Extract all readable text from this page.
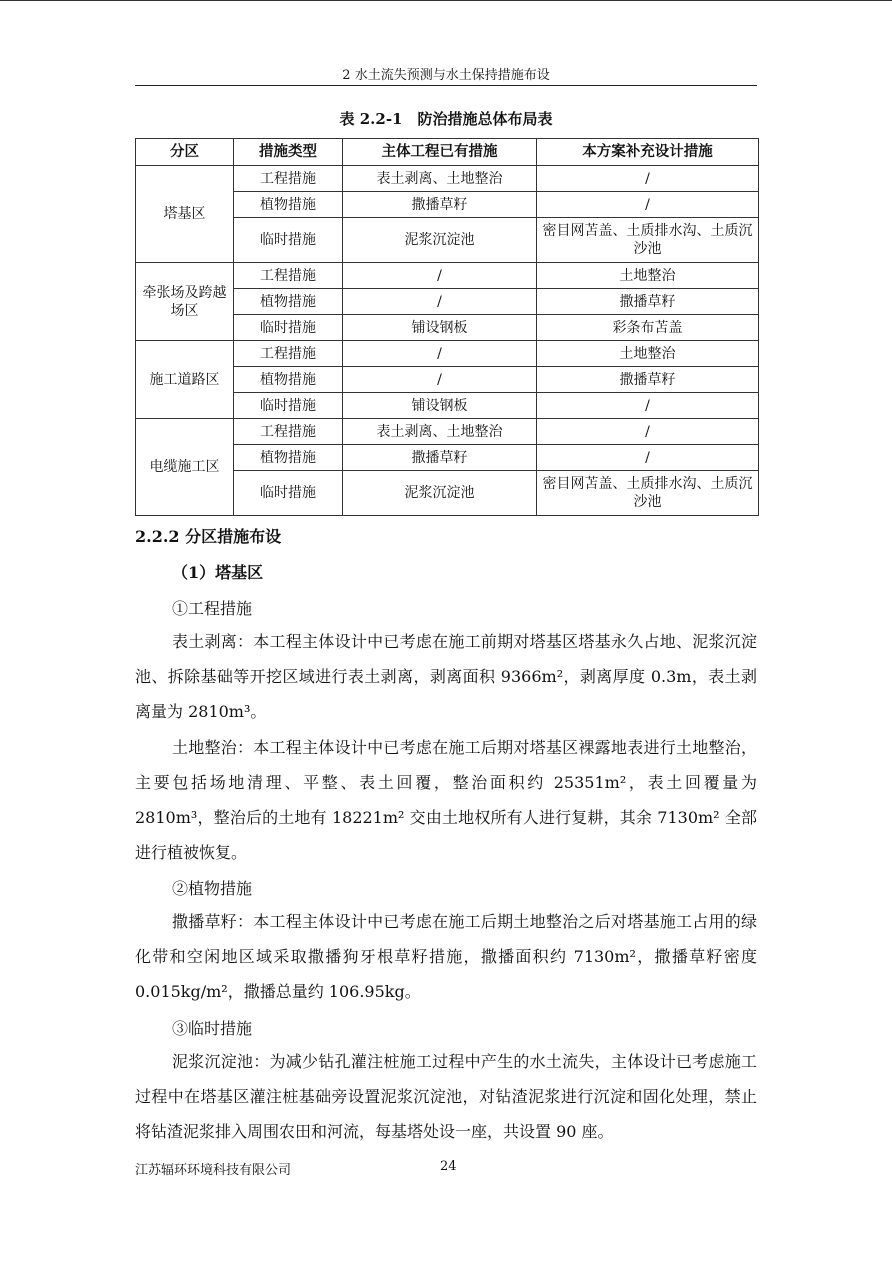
2 水土流失预测与水土保持措施布设
表 2.2-1　防治措施总体布局表
分区	措施类型	主体工程已有措施	本方案补充设计措施
塔基区	工程措施	表土剥离、土地整治	/
	植物措施	撒播草籽	/
	临时措施	泥浆沉淀池	密目网苫盖、土质排水沟、土质沉沙池
牵张场及跨越场区	工程措施	/	土地整治
	植物措施	/	撒播草籽
	临时措施	铺设钢板	彩条布苫盖
施工道路区	工程措施	/	土地整治
	植物措施	/	撒播草籽
	临时措施	铺设钢板	/
电缆施工区	工程措施	表土剥离、土地整治	/
	植物措施	撒播草籽	/
	临时措施	泥浆沉淀池	密目网苫盖、土质排水沟、土质沉沙池
2.2.2 分区措施布设
（1）塔基区
①工程措施

表土剥离：本工程主体设计中已考虑在施工前期对塔基区塔基永久占地、泥浆沉淀池、拆除基础等开挖区域进行表土剥离，剥离面积 9366m²，剥离厚度 0.3m，表土剥离量为 2810m³。

土地整治：本工程主体设计中已考虑在施工后期对塔基区裸露地表进行土地整治，主要包括场地清理、平整、表土回覆，整治面积约 25351m²，表土回覆量为 2810m³，整治后的土地有 18221m² 交由土地权所有人进行复耕，其余 7130m² 全部进行植被恢复。

②植物措施

撒播草籽：本工程主体设计中已考虑在施工后期土地整治之后对塔基施工占用的绿化带和空闲地区域采取撒播狗牙根草籽措施，撒播面积约 7130m²，撒播草籽密度 0.015kg/m²，撒播总量约 106.95kg。

③临时措施

泥浆沉淀池：为减少钻孔灌注桩施工过程中产生的水土流失，主体设计已考虑施工过程中在塔基区灌注桩基础旁设置泥浆沉淀池，对钻渣泥浆进行沉淀和固化处理，禁止将钻渣泥浆排入周围农田和河流，每基塔处设一座，共设置 90 座。

江苏辐环环境科技有限公司	24
